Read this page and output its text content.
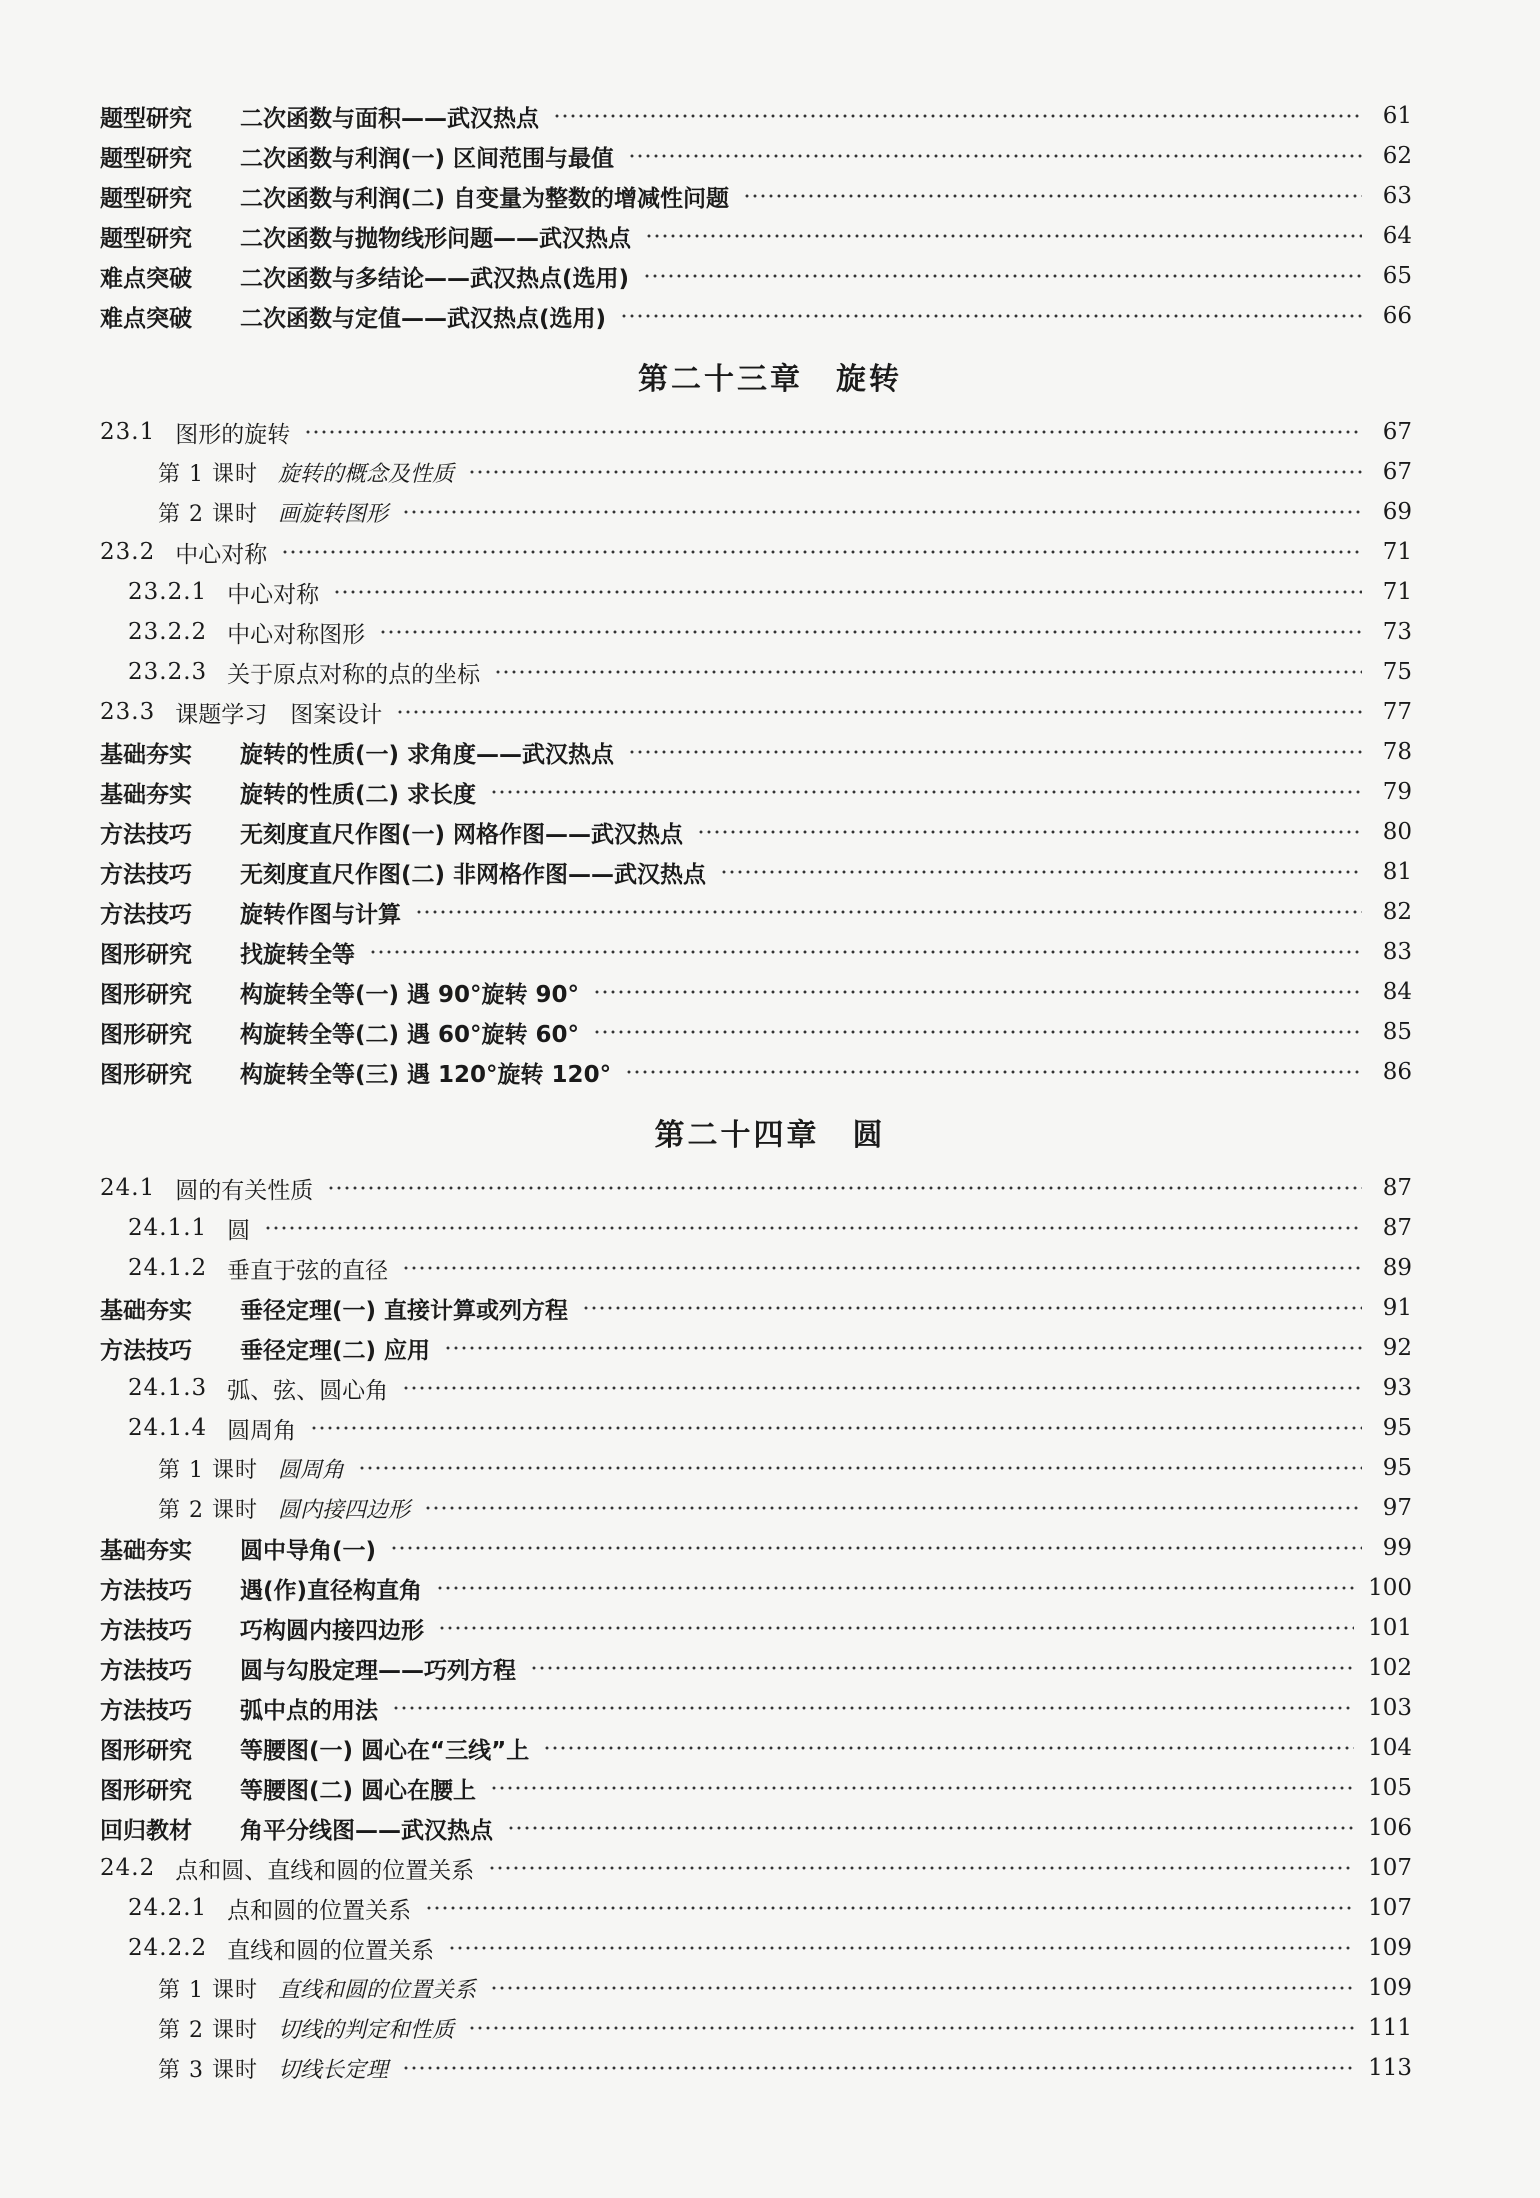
第二十三章　旋转
第二十四章　圆
题型研究	二次函数与面积——武汉热点	61
题型研究	二次函数与利润(一) 区间范围与最值	62
题型研究	二次函数与利润(二) 自变量为整数的增减性问题	63
题型研究	二次函数与抛物线形问题——武汉热点	64
难点突破	二次函数与多结论——武汉热点(选用)	65
难点突破	二次函数与定值——武汉热点(选用)	66
23.1 图形的旋转	67
第 1 课时 旋转的概念及性质	67
第 2 课时 画旋转图形	69
23.2 中心对称	71
23.2.1 中心对称	71
23.2.2 中心对称图形	73
23.2.3 关于原点对称的点的坐标	75
23.3 课题学习　图案设计	77
基础夯实	旋转的性质(一) 求角度——武汉热点	78
基础夯实	旋转的性质(二) 求长度	79
方法技巧	无刻度直尺作图(一) 网格作图——武汉热点	80
方法技巧	无刻度直尺作图(二) 非网格作图——武汉热点	81
方法技巧	旋转作图与计算	82
图形研究	找旋转全等	83
图形研究	构旋转全等(一) 遇 90°旋转 90°	84
图形研究	构旋转全等(二) 遇 60°旋转 60°	85
图形研究	构旋转全等(三) 遇 120°旋转 120°	86
24.1 圆的有关性质	87
24.1.1 圆	87
24.1.2 垂直于弦的直径	89
基础夯实	垂径定理(一) 直接计算或列方程	91
方法技巧	垂径定理(二) 应用	92
24.1.3 弧、弦、圆心角	93
24.1.4 圆周角	95
第 1 课时 圆周角	95
第 2 课时 圆内接四边形	97
基础夯实	圆中导角(一)	99
方法技巧	遇(作)直径构直角	100
方法技巧	巧构圆内接四边形	101
方法技巧	圆与勾股定理——巧列方程	102
方法技巧	弧中点的用法	103
图形研究	等腰图(一) 圆心在“三线”上	104
图形研究	等腰图(二) 圆心在腰上	105
回归教材	角平分线图——武汉热点	106
24.2 点和圆、直线和圆的位置关系	107
24.2.1 点和圆的位置关系	107
24.2.2 直线和圆的位置关系	109
第 1 课时 直线和圆的位置关系	109
第 2 课时 切线的判定和性质	111
第 3 课时 切线长定理	113
